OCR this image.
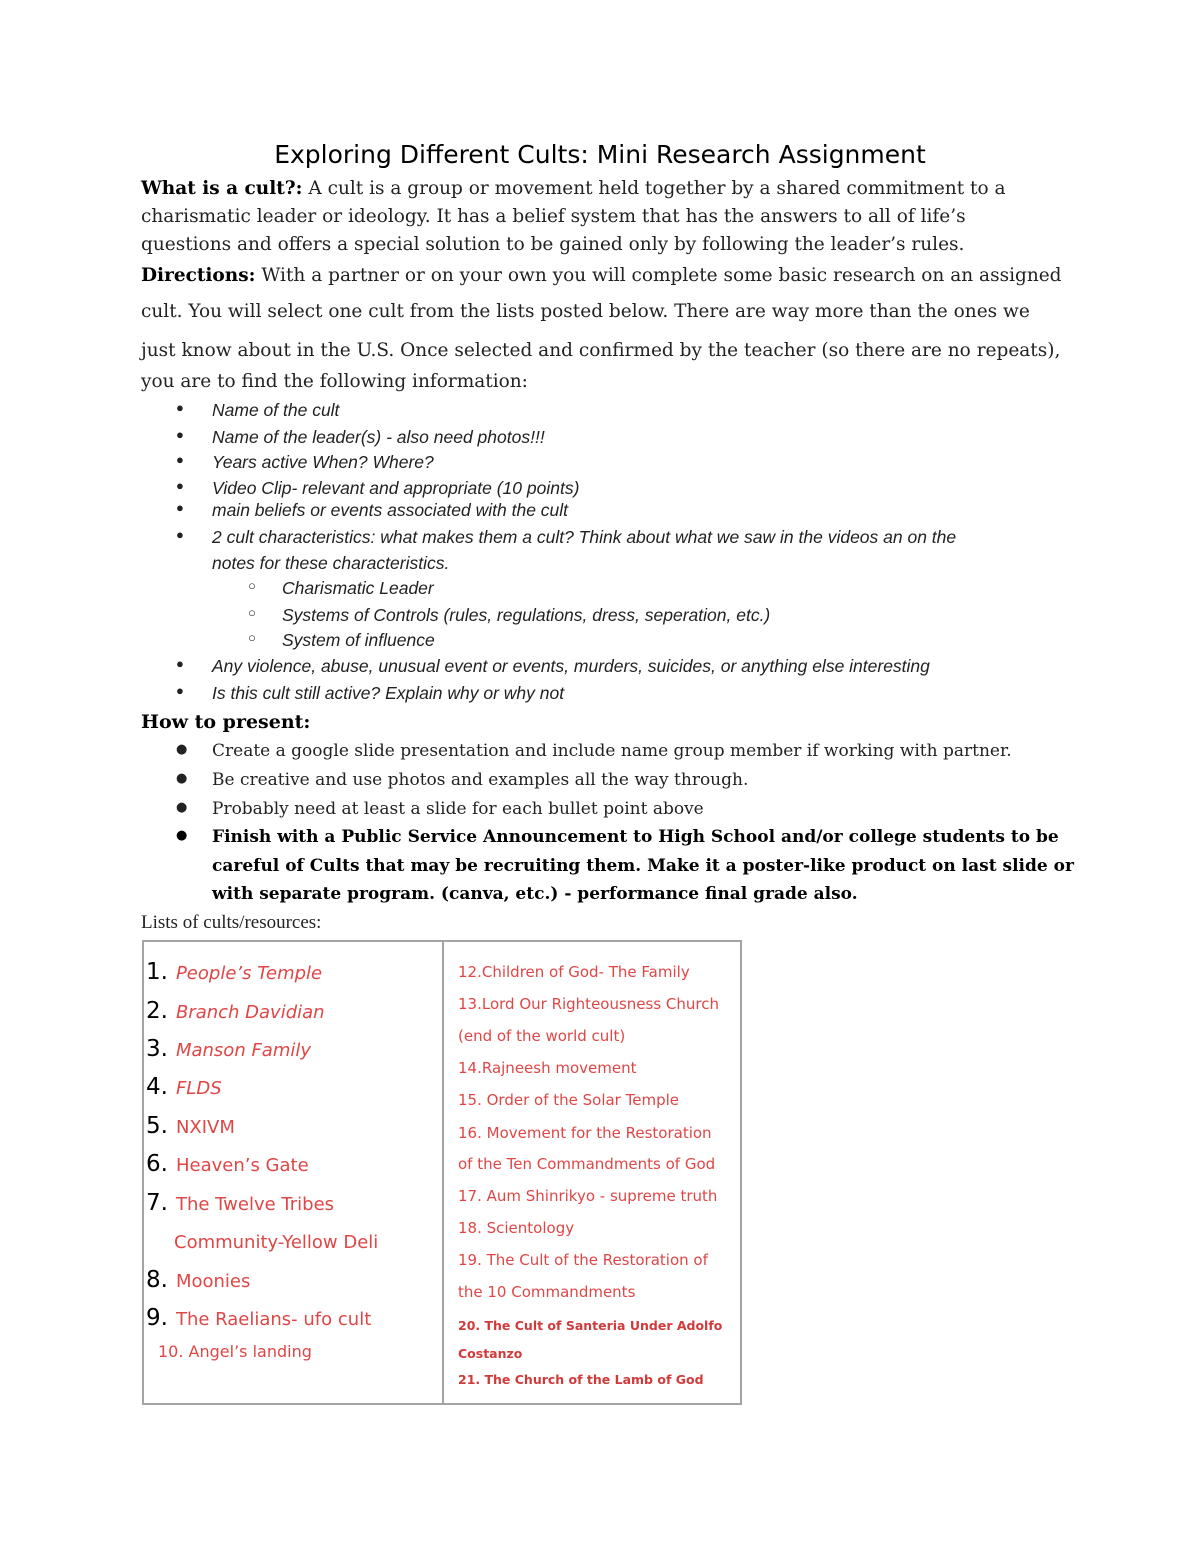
Exploring Different Cults: Mini Research Assignment
What is a cult?: A cult is a group or movement held together by a shared commitment to a
charismatic leader or ideology. It has a belief system that has the answers to all of life’s
questions and offers a special solution to be gained only by following the leader’s rules.
Directions: With a partner or on your own you will complete some basic research on an assigned
cult. You will select one cult from the lists posted below. There are way more than the ones we
just know about in the U.S. Once selected and confirmed by the teacher (so there are no repeats),
you are to find the following information:
● Name of the cult
● Name of the leader(s) - also need photos!!!
● Years active When? Where?
● Video Clip- relevant and appropriate (10 points)
● main beliefs or events associated with the cult
● 2 cult characteristics: what makes them a cult? Think about what we saw in the videos an on the
notes for these characteristics.
○ Charismatic Leader
○ Systems of Controls (rules, regulations, dress, seperation, etc.)
○ System of influence
● Any violence, abuse, unusual event or events, murders, suicides, or anything else interesting
● Is this cult still active? Explain why or why not
How to present:
● Create a google slide presentation and include name group member if working with partner.
● Be creative and use photos and examples all the way through.
● Probably need at least a slide for each bullet point above
● Finish with a Public Service Announcement to High School and/or college students to be
careful of Cults that may be recruiting them. Make it a poster-like product on last slide or
with separate program. (canva, etc.) - performance final grade also.
Lists of cults/resources:
1. People’s Temple
2. Branch Davidian
3. Manson Family
4. FLDS
5. NXIVM
6. Heaven’s Gate
7. The Twelve Tribes
Community-Yellow Deli
8. Moonies
9. The Raelians- ufo cult
10. Angel’s landing
12.Children of God- The Family
13.Lord Our Righteousness Church
(end of the world cult)
14.Rajneesh movement
15. Order of the Solar Temple
16. Movement for the Restoration
of the Ten Commandments of God
17. Aum Shinrikyo - supreme truth
18. Scientology
19. The Cult of the Restoration of
the 10 Commandments
20. The Cult of Santeria Under Adolfo
Costanzo
21. The Church of the Lamb of God
